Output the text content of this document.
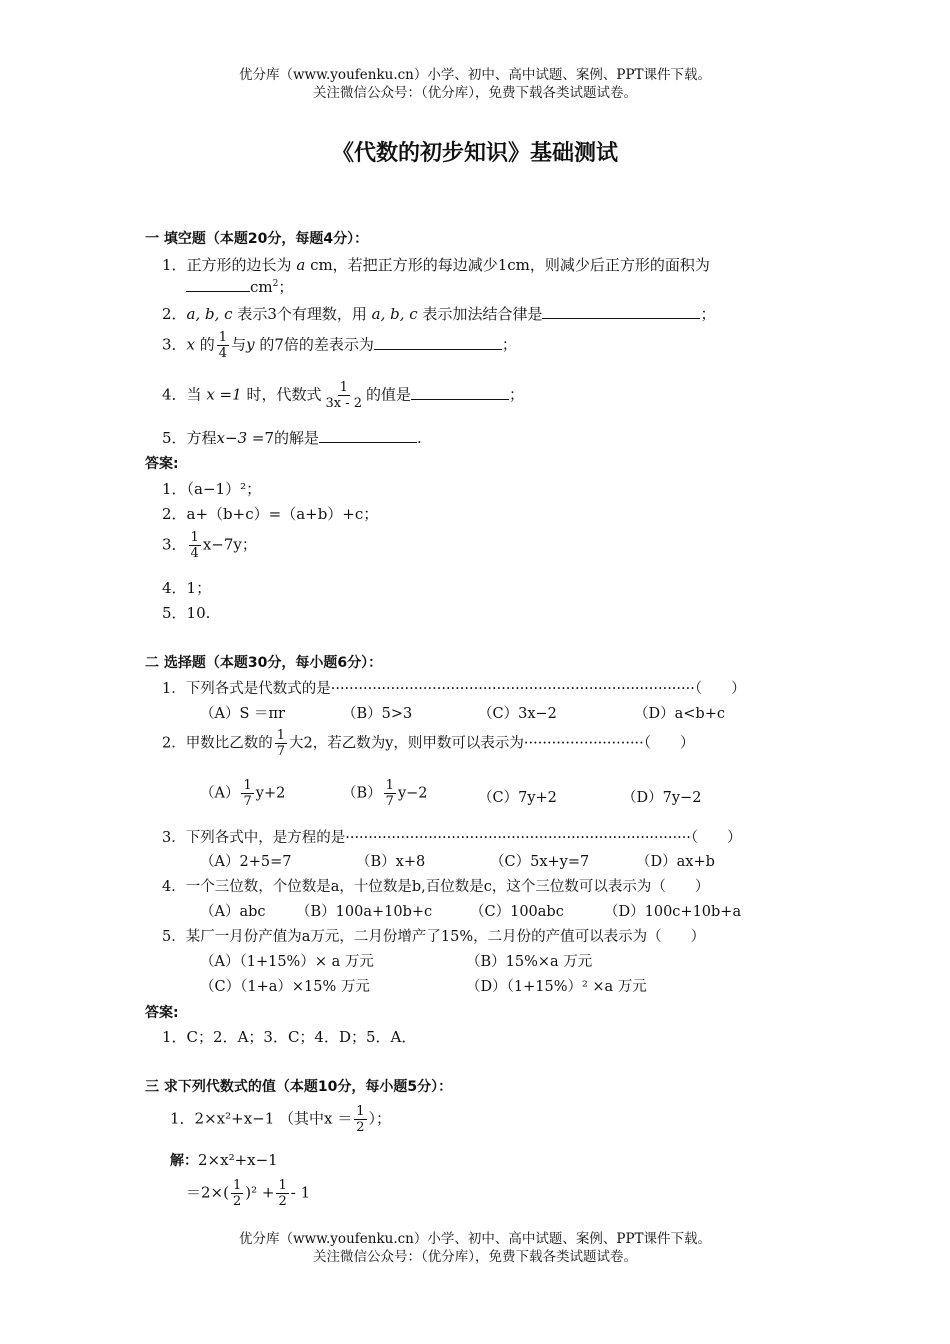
优分库（www.youfenku.cn）小学、初中、高中试题、案例、PPT课件下载。
关注微信公众号：（优分库），免费下载各类试题试卷。
《代数的初步知识》基础测试
一 填空题（本题20分，每题4分）：
1．正方形的边长为 a cm，若把正方形的每边减少1cm，则减少后正方形的面积为
$cm^2$；
2．a, b, c 表示3个有理数，用 a, b, c 表示加法结合律是	；
3．x 的 $\frac{1}{4}$ 与y 的7倍的差表示为	；
4．当 x =1 时，代数式 $\frac{1}{3x - 2}$ 的值是	；
5．方程x−3 =7的解是	.
答案:
1．（a−1）²；
2．a+（b+c）=（a+b）+c；
3． $\frac{1}{4} x-7y$；
4．1；
5．10.
二 选择题（本题30分，每小题6分）：
1．下列各式是代数式的是···············································································（　　）
（A）S ＝πr	（B）5>3	（C）3x−2	（D）a<b+c
2．甲数比乙数的 $\frac{1}{7}$ 大2，若乙数为y，则甲数可以表示为··························（　　）
$(A) \frac{1}{7} y+2$	$(B) \frac{1}{7} y-2$	（C）7y+2	（D）7y−2
3．下列各式中，是方程的是···········································································（　　）
（A）2+5=7	（B）x+8	（C）5x+y=7	（D）ax+b
4．一个三位数，个位数是a，十位数是b,百位数是c，这个三位数可以表示为（　　）
（A）abc （B）100a+10b+c	（C）100abc	（D）100c+10b+a
5．某厂一月份产值为a万元，二月份增产了15%，二月份的产值可以表示为（　　）
（A）（1+15%）× a 万元	（B）15%×a 万元
（C）（1+a）×15% 万元	（D）（1+15%）² ×a 万元
答案:
1．C；2．A；3．C；4．D；5．A．
三 求下列代数式的值（本题10分，每小题5分）：
1．2×x²+x−1 （其中$x = \frac{1}{2}$ ）；
解：2×x²+x−1
$=2\times( \frac{1}{2} )^2 + \frac{1}{2} - 1$
优分库（www.youfenku.cn）小学、初中、高中试题、案例、PPT课件下载。
关注微信公众号：（优分库），免费下载各类试题试卷。
